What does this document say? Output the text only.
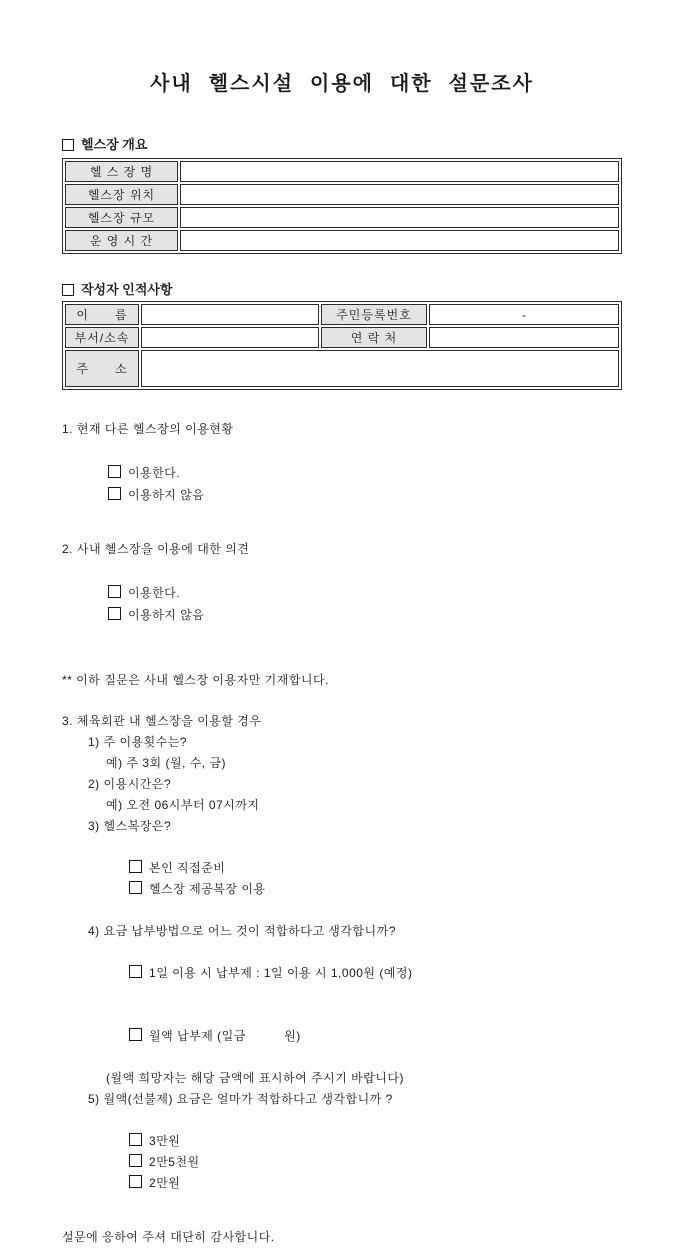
사내 헬스시설 이용에 대한 설문조사
헬스장 개요
헬 스 장 명	
헬스장 위치	
헬스장 규모	
운 영 시 간	
작성자 인적사항
이      름		주민등록번호	-
부서/소속		연 락 처	
주      소			
1. 현재 다른 헬스장의 이용현황

이용한다.
이용하지 않음

2. 사내 헬스장을 이용에 대한 의견

이용한다.
이용하지 않음

** 이하 질문은 사내 헬스장 이용자만 기재합니다.
3. 체육회관 내 헬스장을 이용할 경우
1) 주 이용횟수는?
예) 주 3회 (월, 수, 금)
2) 이용시간은?
예) 오전 06시부터 07시까지
3) 헬스복장은?

본인 직접준비
헬스장 제공복장 이용

4) 요금 납부방법으로 어느 것이 적합하다고 생각합니까?

1일 이용 시 납부제 : 1일 이용 시 1,000원 (예정)

월액 납부제 (일금          원)

(월액 희망자는 해당 금액에 표시하여 주시기 바랍니다)
5) 월액(선불제) 요금은 얼마가 적합하다고 생각합니까 ?

3만원
2만5천원
2만원

설문에 응하여 주셔 대단히 감사합니다.
